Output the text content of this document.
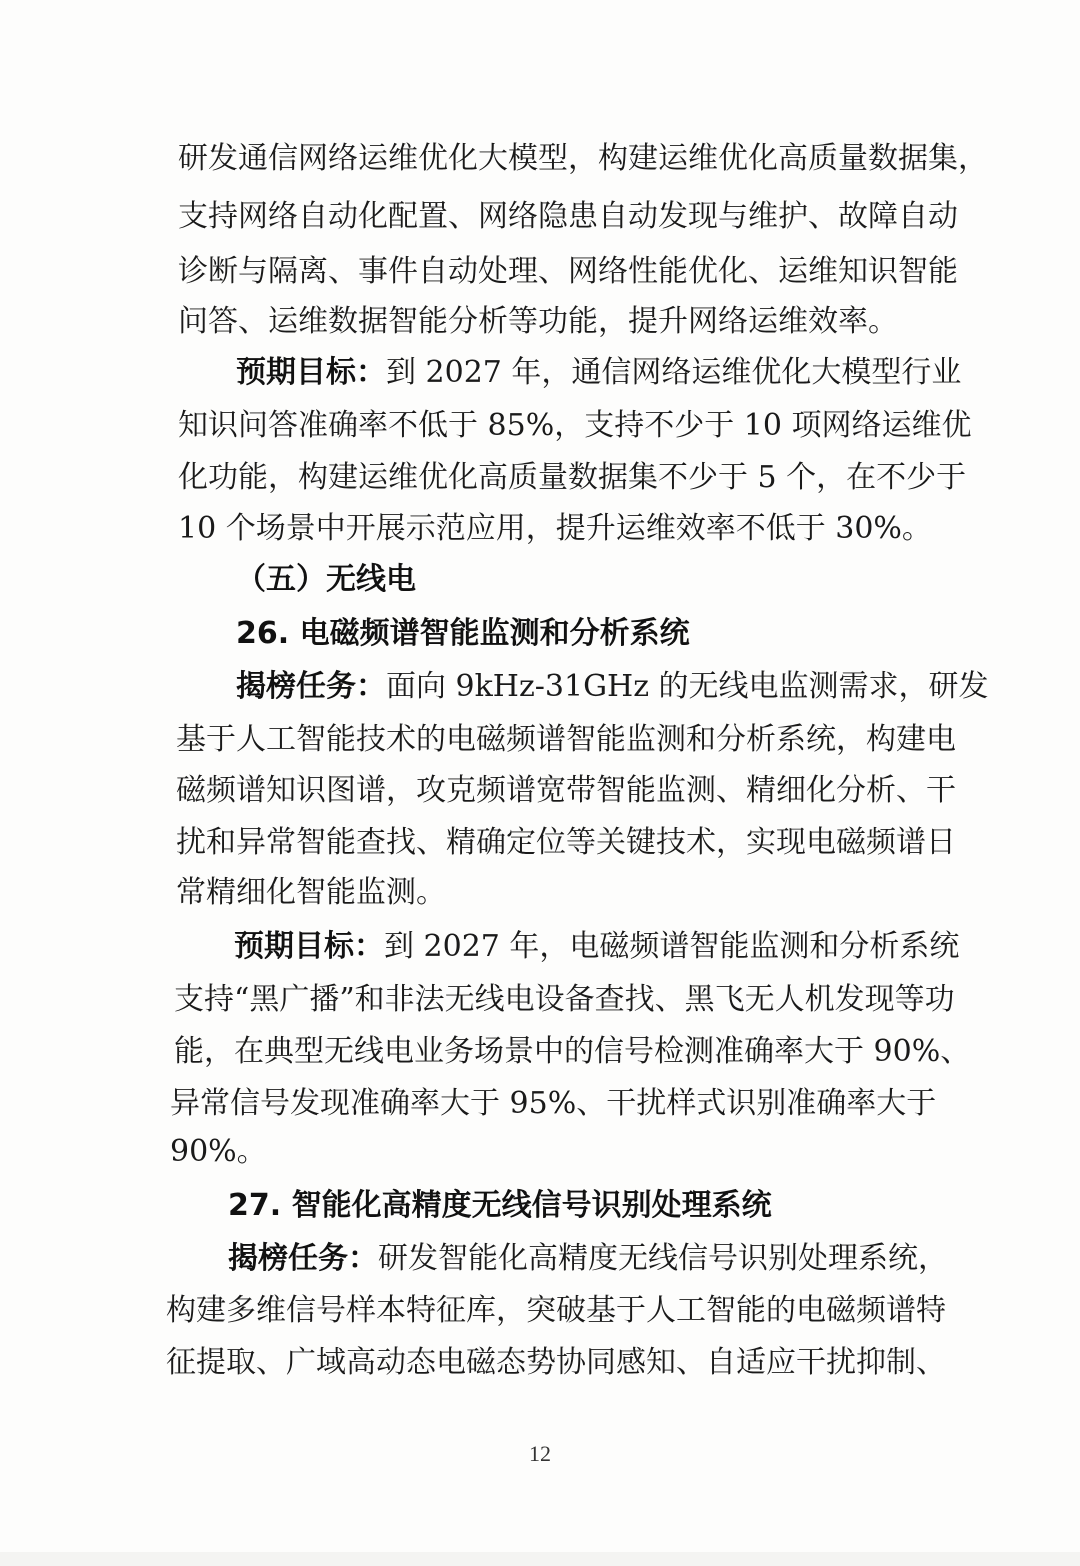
研发通信网络运维优化大模型，构建运维优化高质量数据集，
支持网络自动化配置、网络隐患自动发现与维护、故障自动
诊断与隔离、事件自动处理、网络性能优化、运维知识智能
问答、运维数据智能分析等功能，提升网络运维效率。
预期目标：到 2027 年，通信网络运维优化大模型行业
知识问答准确率不低于 85%，支持不少于 10 项网络运维优
化功能，构建运维优化高质量数据集不少于 5 个，在不少于
10 个场景中开展示范应用，提升运维效率不低于 30%。
（五）无线电
26. 电磁频谱智能监测和分析系统
揭榜任务：面向 9kHz-31GHz 的无线电监测需求，研发
基于人工智能技术的电磁频谱智能监测和分析系统，构建电
磁频谱知识图谱，攻克频谱宽带智能监测、精细化分析、干
扰和异常智能查找、精确定位等关键技术，实现电磁频谱日
常精细化智能监测。
预期目标：到 2027 年，电磁频谱智能监测和分析系统
支持“黑广播”和非法无线电设备查找、黑飞无人机发现等功
能，在典型无线电业务场景中的信号检测准确率大于 90%、
异常信号发现准确率大于 95%、干扰样式识别准确率大于
90%。
27. 智能化高精度无线信号识别处理系统
揭榜任务：研发智能化高精度无线信号识别处理系统，
构建多维信号样本特征库，突破基于人工智能的电磁频谱特
征提取、广域高动态电磁态势协同感知、自适应干扰抑制、
12
